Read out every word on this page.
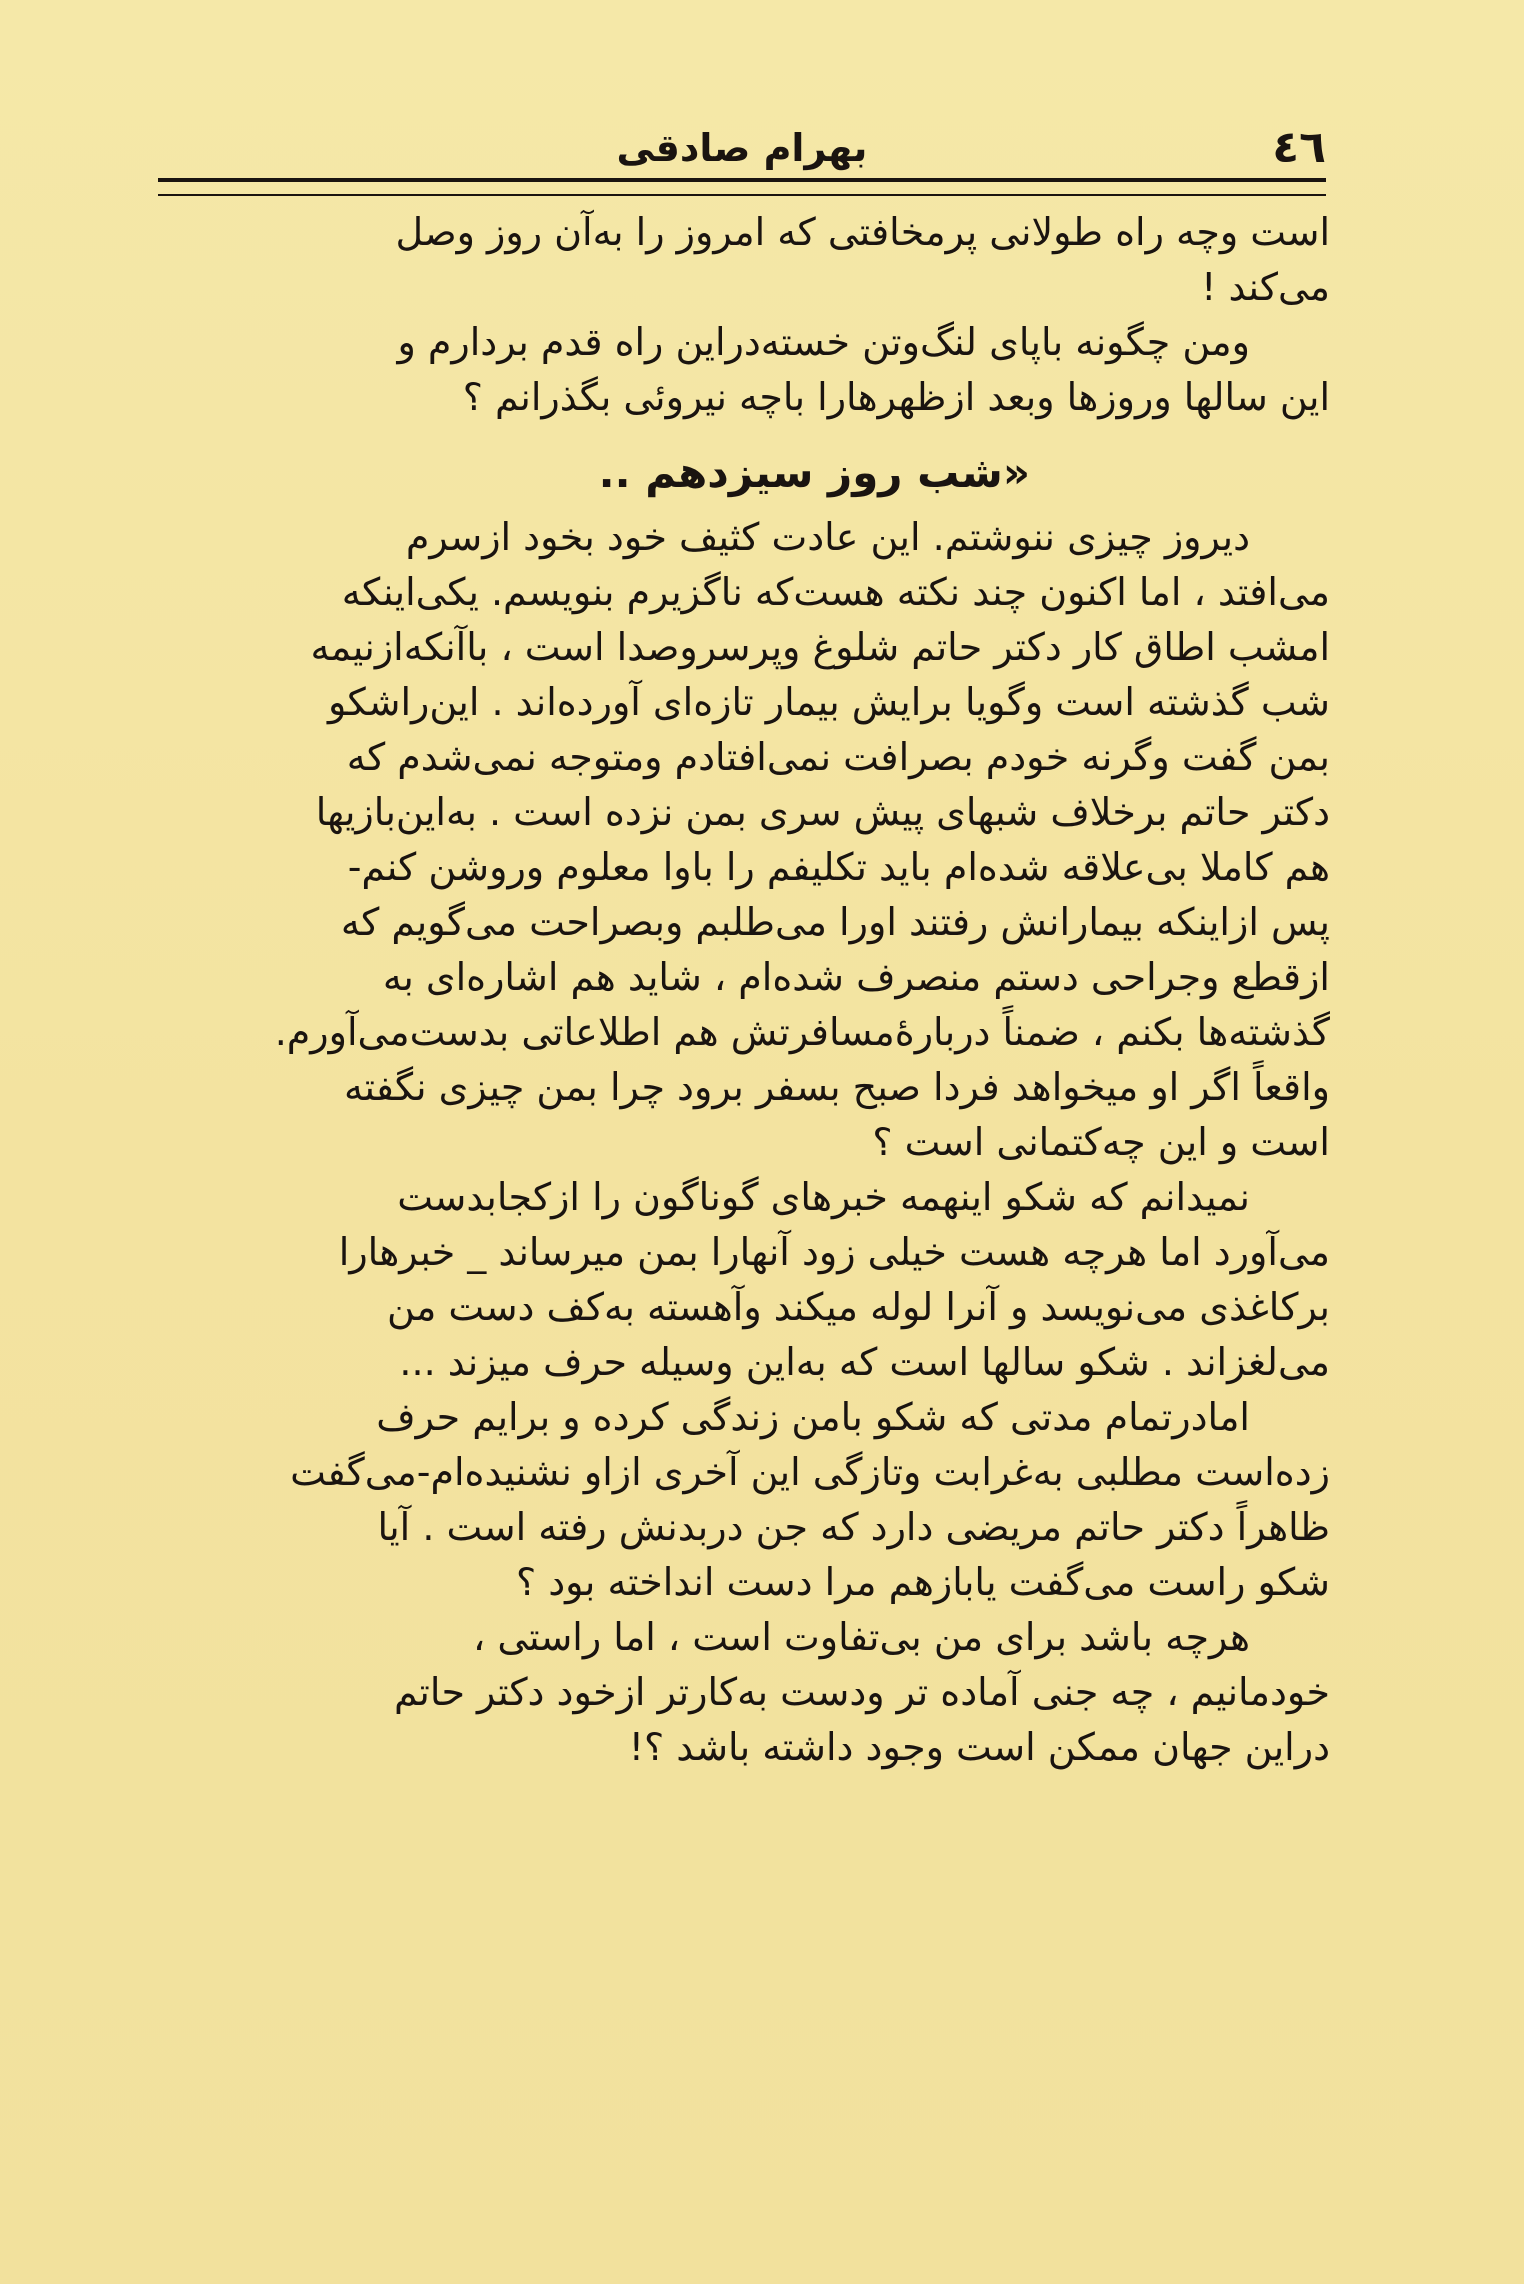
٤٦
بهرام صادقی
است وچه راه طولانی پرمخافتی که امروز را به‌آن روز وصل
می‌کند !
ومن چگونه باپای لنگ‌وتن خسته‌دراین راه قدم بردارم و
این سالها وروزها وبعد ازظهرهارا باچه نیروئی بگذرانم ؟
«شب روز سیزدهم ..
دیروز چیزی ننوشتم. این عادت کثیف خود بخود ازسرم
می‌افتد ، اما اکنون چند نکته هست‌که ناگزیرم بنویسم. یکی‌اینکه
امشب اطاق کار دکتر حاتم شلوغ وپرسروصدا است ، باآنکه‌ازنیمه
شب گذشته است وگویا برایش بیمار تازه‌ای آورده‌اند . این‌راشکو
بمن گفت وگرنه خودم بصرافت نمی‌افتادم ومتوجه نمی‌شدم که
دکتر حاتم برخلاف شبهای پیش سری بمن نزده است . به‌این‌بازیها
هم کاملا بی‌علاقه شده‌ام باید تکلیفم را باوا معلوم وروشن کنم-
پس ازاینکه بیمارانش رفتند اورا می‌طلبم وبصراحت می‌گویم که
ازقطع وجراحی دستم منصرف شده‌ام ، شاید هم اشاره‌ای به
گذشته‌ها بکنم ، ضمناً درباره‌ٔمسافرتش هم اطلاعاتی بدست‌می‌آورم.
واقعاً اگر او میخواهد فردا صبح بسفر برود چرا بمن چیزی نگفته
است و این چه‌کتمانی است ؟
نمیدانم که شکو اینهمه خبرهای گوناگون را ازکجابدست
می‌آورد اما هرچه هست خیلی زود آنهارا بمن میرساند _ خبرهارا
برکاغذی می‌نویسد و آنرا لوله میکند وآهسته به‌کف دست من
می‌لغزاند . شکو سالها است که به‌این وسیله حرف میزند ...
امادرتمام مدتی که شکو بامن زندگی کرده و برایم حرف
زده‌است مطلبی به‌غرابت وتازگی این آخری ازاو نشنیده‌ام-می‌گفت
ظاهراً دکتر حاتم مریضی دارد که جن دربدنش رفته است . آیا
شکو راست می‌گفت یابازهم مرا دست انداخته بود ؟
هرچه باشد برای من بی‌تفاوت است ، اما راستی ،
خودمانیم ، چه جنی آماده تر ودست به‌کارتر ازخود دکتر حاتم
دراین جهان ممکن است وجود داشته باشد ؟!
